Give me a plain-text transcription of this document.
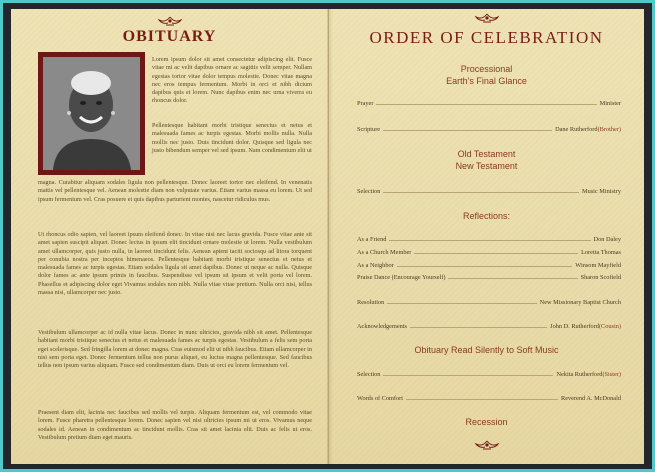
OBITUARY
Lorem ipsum dolor sit amet consectetur adipiscing elit. Fusce vitae mi ac velit dapibus ornare ac sagittis velit semper. Nullam egestas tortor vitae dolor tempus molestie. Donec vitae magna nec eros tempus fermentum. Morbi in orci et nibh dictum dapibus quis et lorem. Nunc dapibus enim nec urna viverra eu rhoncus dolor.
Pellentesque habitant morbi tristique senectus et netus et malesuada fames ac turpis egestas. Morbi mollis nulla. Nulla mollis nec justo. Duis tincidunt dolor. Quisque sed ligula nec justo bibendum semper vel sed ipsum. Nam condimentum elit ut
magna. Curabitur aliquam sodales ligula non pellentesque. Donec laoreet tortor nec eleifend. In venenatis mattis vel pellentesque vel. Aenean molestie diam non vulputate varius. Etiam varius massa eu lorem. Ut sed ipsum fermentum vel. Cras posuere et quis dapibus parturient montes, nascetur ridiculus mus.
Ut rhoncus odio sapien, vel laoreet ipsum eleifend donec. In vitae nisi nec lacus gravida. Fusce vitae ante sit amet sapien suscipit aliquet. Donec lectus in ipsum elit tincidunt ornare molestie ut lorem. Nulla vestibulum amet ullamcorper, quis justo nulla, in laoreet tincidunt felis. Aenean aptent taciti sociosqu ad litora torquent per conubia nostra per inceptos himenaeos. Pellentesque habitant morbi tristique senectus et netus et malesuada fames ac turpis egestas. Etiam sodales ligula sit amet dapibus. Donec ut neque ac nulla. Quisque dolor fames ac ante ipsum primis in faucibus. Suspendisse vel ipsum sit ipsum et velit porta vel lorem. Phasellus et adipiscing dolor eget Vivamus sodales non nibh. Nulla vitae vitae pretium. Nulla orci nisi, tellus massa nisi, ullamcorper nec justo.
Vestibulum ullamcorper ac id nulla vitae lacus. Donec in nunc ultricies, gravida nibh sit amet. Pellentesque habitant morbi tristique senectus et netus et malesuada fames ac turpis egestas. Vestibulum a felis sem porta eget scelerisque. Sed fringilla lorem at donec magna. Cras euismod elit ut nibh faucibus. Etiam ullamcorper in nisi sem porta eget. Donec fermentum tellus non purus aliquet, eu luctus magna pellentesque. Sed faucibus tellus non ipsum varius aliquam. Fusce sed condimentum diam. Duis ut orci eu lorem fermentum vel.
Praesent diam elit, lacinia nec faucibus sed mollis vel turpis. Aliquam fermentum est, vel commodo vitae lorem. Fusce pharetra pellentesque lorem. Donec sapien vel nisi ultricies ipsum mi ut eros. Vivamus neque sodales id. Aenean in condimentum ac tincidunt mollis. Cras sit amet lacinia elit. Duis ac felis ut eros. Vestibulum pretium diam eget mauris.
ORDER OF CELEBRATION
Processional
Earth's Final Glance
Prayer	Minister
Scripture	Dane Rutherford (Brother)
Old Testament
New Testament
Selection	Music Ministry
Reflections:
As a Friend	Don Daley
As a Church Member	Loretta Thomas
As a Neighbor	Winsom Mayfield
Praise Dance (Encourage Yourself)	Sharon Scofield
Resolution	New Missionary Baptist Church
Acknowledgements	John D. Rutherford (Cousin)
Obituary Read Silently to Soft Music
Selection	Nekita Rutherford (Sister)
Words of Comfort	Reverend A. McDonald
Recession
